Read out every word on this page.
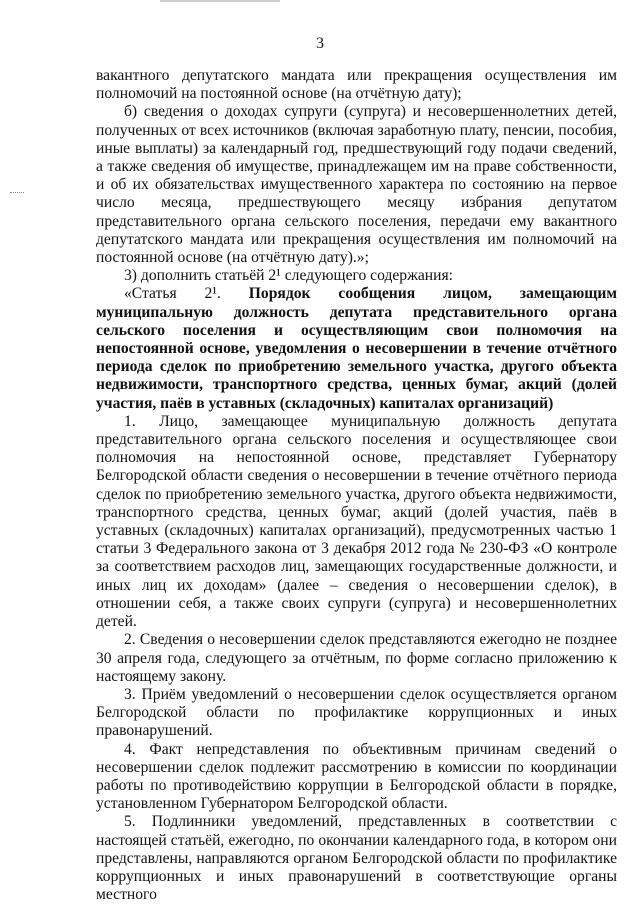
3

вакантного депутатского мандата или прекращения осуществления им полномочий на постоянной основе (на отчётную дату);

б) сведения о доходах супруги (супруга) и несовершеннолетних детей, полученных от всех источников (включая заработную плату, пенсии, пособия, иные выплаты) за календарный год, предшествующий году подачи сведений, а также сведения об имуществе, принадлежащем им на праве собственности, и об их обязательствах имущественного характера по состоянию на первое число месяца, предшествующего месяцу избрания депутатом представительного органа сельского поселения, передачи ему вакантного депутатского мандата или прекращения осуществления им полномочий на постоянной основе (на отчётную дату).»;

3) дополнить статьёй 2¹ следующего содержания:

«Статья 2¹. Порядок сообщения лицом, замещающим муниципальную должность депутата представительного органа сельского поселения и осуществляющим свои полномочия на непостоянной основе, уведомления о несовершении в течение отчётного периода сделок по приобретению земельного участка, другого объекта недвижимости, транспортного средства, ценных бумаг, акций (долей участия, паёв в уставных (складочных) капиталах организаций)

1. Лицо, замещающее муниципальную должность депутата представительного органа сельского поселения и осуществляющее свои полномочия на непостоянной основе, представляет Губернатору Белгородской области сведения о несовершении в течение отчётного периода сделок по приобретению земельного участка, другого объекта недвижимости, транспортного средства, ценных бумаг, акций (долей участия, паёв в уставных (складочных) капиталах организаций), предусмотренных частью 1 статьи 3 Федерального закона от 3 декабря 2012 года № 230-ФЗ «О контроле за соответствием расходов лиц, замещающих государственные должности, и иных лиц их доходам» (далее – сведения о несовершении сделок), в отношении себя, а также своих супруги (супруга) и несовершеннолетних детей.

2. Сведения о несовершении сделок представляются ежегодно не позднее 30 апреля года, следующего за отчётным, по форме согласно приложению к настоящему закону.

3. Приём уведомлений о несовершении сделок осуществляется органом Белгородской области по профилактике коррупционных и иных правонарушений.

4. Факт непредставления по объективным причинам сведений о несовершении сделок подлежит рассмотрению в комиссии по координации работы по противодействию коррупции в Белгородской области в порядке, установленном Губернатором Белгородской области.

5. Подлинники уведомлений, представленных в соответствии с настоящей статьёй, ежегодно, по окончании календарного года, в котором они представлены, направляются органом Белгородской области по профилактике коррупционных и иных правонарушений в соответствующие органы местного
